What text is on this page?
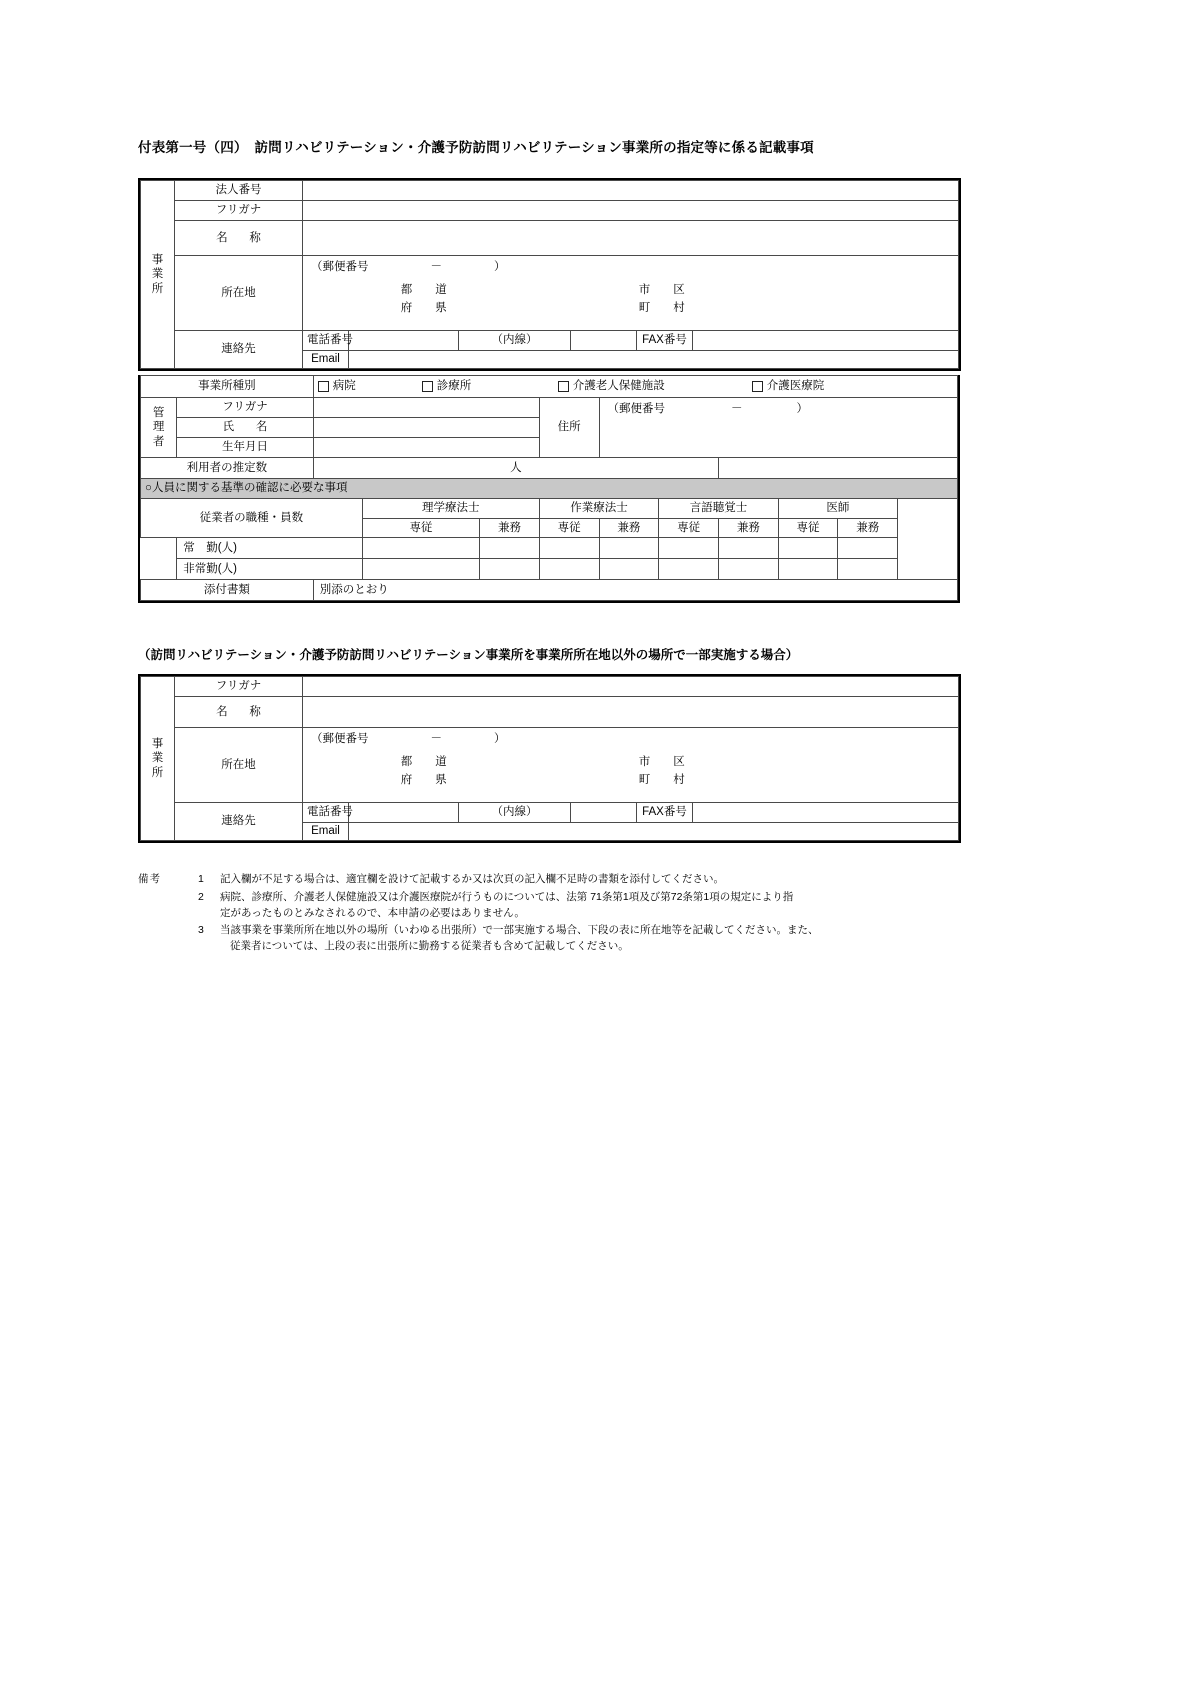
付表第一号（四）　訪問リハビリテーション・介護予防訪問リハビリテーション事業所の指定等に係る記載事項
事
業
所	法人番号						
	フリガナ						
	名　称						
	所在地	（郵便番号 － ）
都　道
府　県
市　区
町　村					

	連絡先	電話番号		（内線）		FAX番号	
		Email					

事業所種別		病院 診療所 介護老人保健施設 介護医療院									

管
理
者	フリガナ				住所	（郵便番号 － ）					

	氏　名										
	生年月日										
利用者の推定数		人									
○人員に関する基準の確認に必要な事項											
従業者の職種・員数			理学療法士		作業療法士		言語聴覚士		医師		
			専従	兼務	専従	兼務	専従	兼務	専従	兼務	
	常　勤(人)										
	非常勤(人)										
添付書類		別添のとおり									
（訪問リハビリテーション・介護予防訪問リハビリテーション事業所を事業所所在地以外の場所で一部実施する場合）
事
業
所	フリガナ						
	名　称						
	所在地	（郵便番号 － ）
都　道
府　県
市　区
町　村					

	連絡先	電話番号		（内線）		FAX番号	
		Email					
備考	1	記入欄が不足する場合は、適宜欄を設けて記載するか又は次頁の記入欄不足時の書類を添付してください。

2	病院、診療所、介護老人保健施設又は介護医療院が行うものについては、法第 71条第1項及び第72条第1項の規定により指

定があったものとみなされるので、本申請の必要はありません。

3	当該事業を事業所所在地以外の場所（いわゆる出張所）で一部実施する場合、下段の表に所在地等を記載してください。また、

従業者については、上段の表に出張所に勤務する従業者も含めて記載してください。
